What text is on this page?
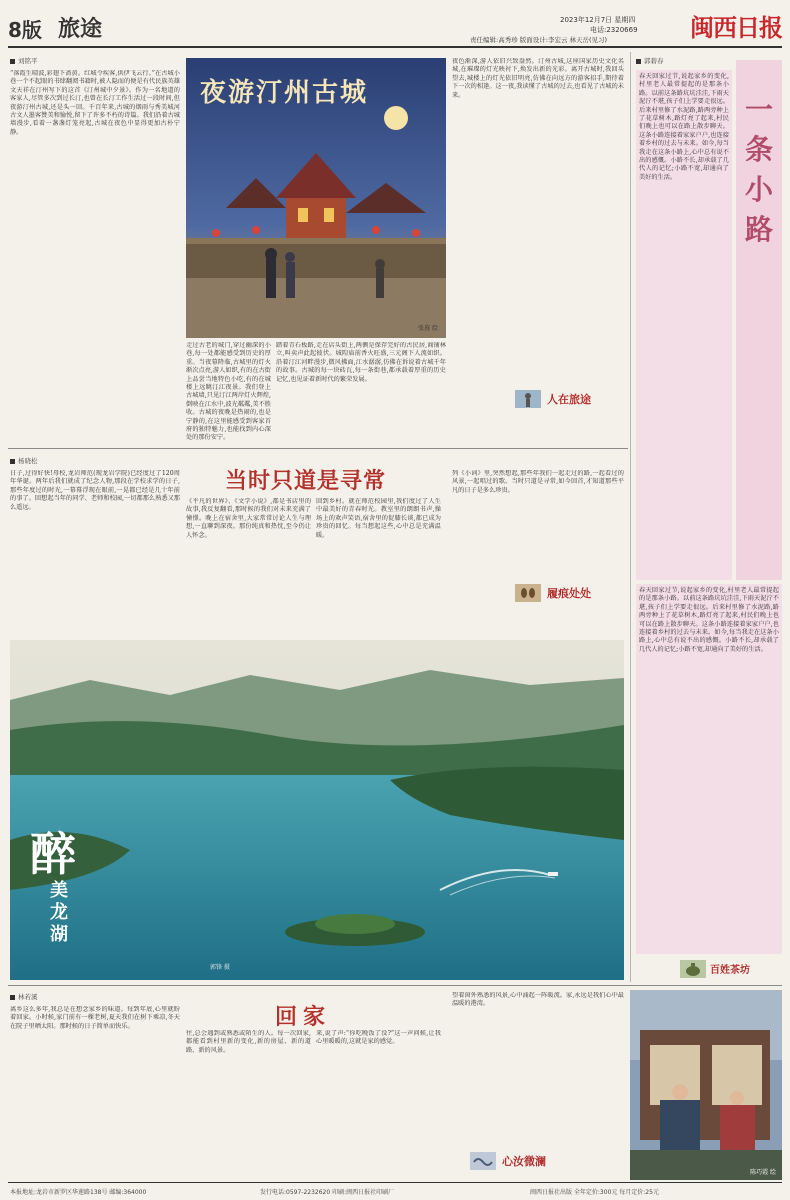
8版 旅途	2023年12月7日 星期四
电话:2320669
责任编辑:高秀珍 版面设计:李宏云 林天岳(见习)	闽西日报
刘铭平
“落霞生晴波,彩翅下斋黄。红城令疾客,供伊飞云行。”在古城小巷一个不起眼的书肆翻阅书籍时,被人隐而的便是有代民族英雄文天祥在汀州写下的这首《汀州城中夕景》。作为一名地道的客家人,尽管多次到过长汀,也曾在长汀工作生活过一段时间,但夜游汀州古城,还是头一回。千百年来,古城的烟雨与秀美城河古文人墨客赞美和愉悦,留下了许多不朽的诗篇。我们沿着古城墙漫步,看着一盏盏灯笼亮起,古城在夜色中显得更加古朴宁静。
夜游汀州古城
张旌 绘
走过古老的城门,穿过幽深的小巷,每一处都能感受到历史的厚重。当夜幕降临,古城里的灯火渐次点亮,游人如织,有的在古街上品尝当地特色小吃,有的在城楼上远眺汀江夜景。我们登上古城墙,只见汀江两岸灯火辉煌,倒映在江水中,波光粼粼,美不胜收。古城的夜晚是热闹的,也是宁静的,在这里能感受到客家首府的独特魅力,也能找到内心深处的那份安宁。
踏着青石板路,走在店头街上,两侧是保存完好的古民居,商铺林立,叫卖声此起彼伏。城隍庙前香火旺盛,三元阁下人流如织。沿着汀江河畔漫步,微风拂面,江水潺潺,仿佛在诉说着古城千年的故事。古城的每一块砖瓦,每一条街巷,都承载着厚重的历史记忆,也见证着新时代的繁荣发展。
夜色渐深,游人依旧兴致盎然。汀州古城,这座国家历史文化名城,在璀璨的灯光映衬下,焕发出新的光彩。离开古城时,我回头望去,城楼上的灯光依旧明亮,仿佛在向远方的游客招手,期待着下一次的相逢。这一夜,我读懂了古城的过去,也看见了古城的未来。
人在旅途
杨晓松
当时只道是寻常
日子,过得好快!母校,龙岩师范(现龙岩学院)已经度过了120周年华诞。两年后我们就成了纪念人物,那段在学校求学的日子,那些年度过的时光,一幕幕浮现在眼前,一晃都已经是几十年前的事了。回想起当年的同学、老师和校园,一切都那么熟悉又那么遥远。
《平凡的世界》、《文学小说》,都是书店里的故事,我反复翻看,那时候的我们对未来充满了憧憬。晚上在宿舍里,大家常常讨论人生与理想,一直聊到深夜。那份纯真和热忱,至今仍让人怀念。
回到乡村。就在师范校园里,我们度过了人生中最美好的青春时光。教室里的朗朗书声,操场上的欢声笑语,宿舍里的促膝长谈,都已成为珍贵的回忆。每当想起这些,心中总是充满温暖。
列《小词》里,突然想起,那些年我们一起走过的路,一起看过的风景,一起唱过的歌。当时只道是寻常,如今回首,才知道那些平凡的日子是多么珍贵。
履痕处处
醉
美龙湖
郭锋 摄
郭碧春
一条小路
春天回家过节,说起家乡的变化,村里老人最常提起的是那条小路。以前这条路坑坑洼洼,下雨天泥泞不堪,孩子们上学要走很远。后来村里修了水泥路,路两旁种上了花草树木,路灯亮了起来,村民们晚上也可以在路上散步聊天。这条小路连接着家家户户,也连接着乡村的过去与未来。如今,每当我走在这条小路上,心中总有说不出的感慨。小路不长,却承载了几代人的记忆;小路不宽,却通向了美好的生活。
春天回家过节,说起家乡的变化,村里老人最常提起的是那条小路。以前这条路坑坑洼洼,下雨天泥泞不堪,孩子们上学要走很远。后来村里修了水泥路,路两旁种上了花草树木,路灯亮了起来,村民们晚上也可以在路上散步聊天。这条小路连接着家家户户,也连接着乡村的过去与未来。如今,每当我走在这条小路上,心中总有说不出的感慨。小路不长,却承载了几代人的记忆;小路不宽,却通向了美好的生活。
百姓茶坊
林若溪
回家
离乡这么多年,我总是在想念家乡的味道。每到年底,心里就盼着回家。小时候,家门前有一棵老树,夏天我们在树下乘凉,冬天在院子里晒太阳。那时候的日子简单而快乐。
往,总会遇到或熟悉或陌生的人。每一次回家,都能看到村里新的变化,新的房屋、新的道路、新的风景。
来,说了声:“你吃晚饭了没?”这一声问候,让我心里暖暖的,这就是家的感觉。
望着窗外熟悉的风景,心中涌起一阵暖流。家,永远是我们心中最温暖的港湾。
心汝微澜
陈巧霞 绘
本报地址:龙岩市新罗区华莲路138号 邮编:364000	发行电话:0597-2232620 印刷:闽西日报社印刷厂	闽西日报社出版 全年定价:300元 每月定价:25元
